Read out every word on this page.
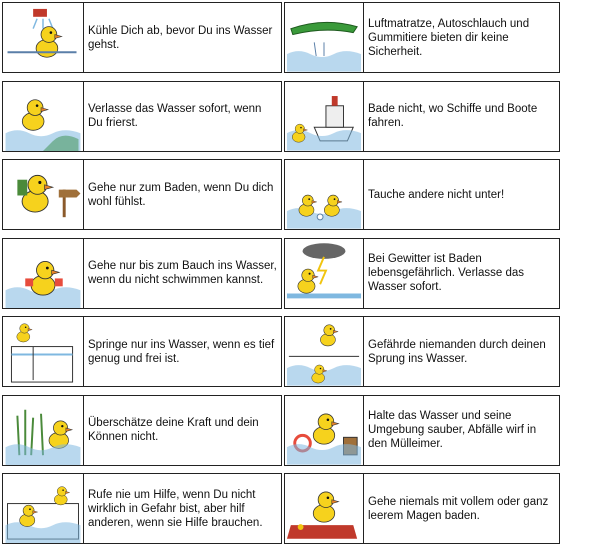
Kühle Dich ab, bevor Du ins Wasser gehst.
Verlasse das Wasser sofort, wenn Du frierst.
Gehe nur zum Baden, wenn Du dich wohl fühlst.
Gehe nur bis zum Bauch ins Wasser, wenn du nicht schwimmen kannst.
Springe nur ins Wasser, wenn es tief genug und frei ist.
Überschätze deine Kraft und dein Können nicht.
Rufe nie um Hilfe, wenn Du nicht wirklich in Gefahr bist, aber hilf anderen, wenn sie Hilfe brauchen.
Luftmatratze, Autoschlauch und Gummitiere bieten dir keine Sicherheit.
Bade nicht, wo Schiffe und Boote fahren.
Tauche andere nicht unter!
Bei Gewitter ist Baden lebensgefährlich. Verlasse das Wasser sofort.
Gefährde niemanden durch deinen Sprung ins Wasser.
Halte das Wasser und seine Umgebung sauber, Abfälle wirf in den Mülleimer.
Gehe niemals mit vollem oder ganz leerem Magen baden.
